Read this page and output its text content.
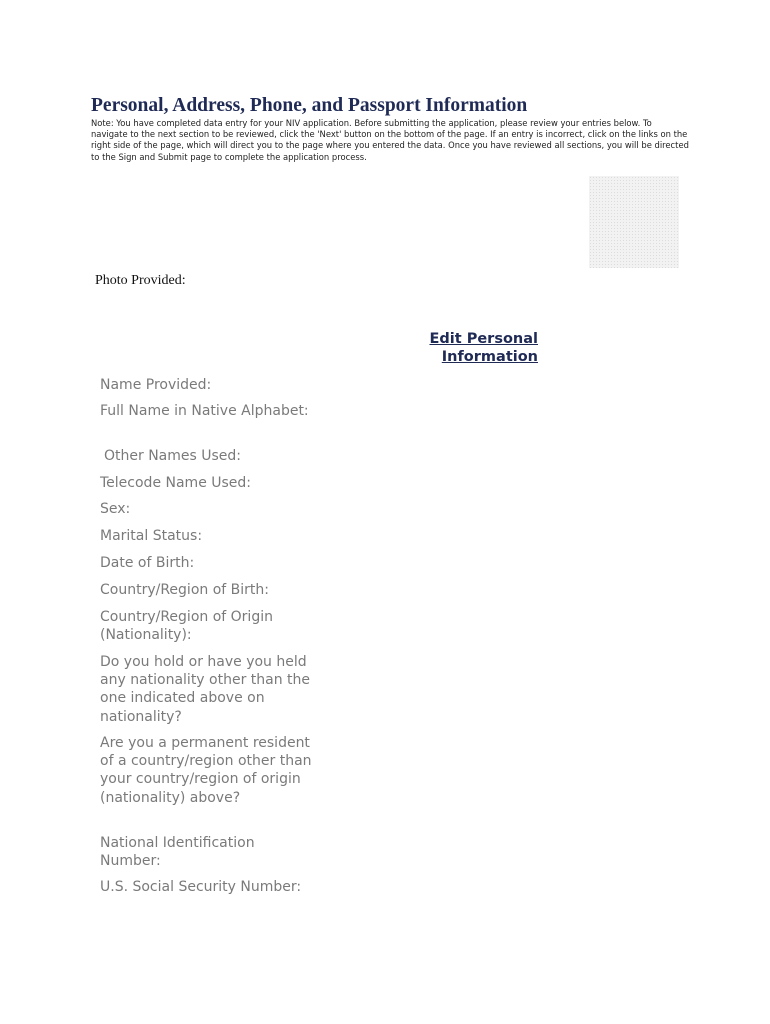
Personal, Address, Phone, and Passport Information

Note: You have completed data entry for your NIV application. Before submitting the application, please review your entries below. To navigate to the next section to be reviewed, click the 'Next' button on the bottom of the page. If an entry is incorrect, click on the links on the right side of the page, which will direct you to the page where you entered the data. Once you have reviewed all sections, you will be directed to the Sign and Submit page to complete the application process.

Photo Provided:
Edit Personal Information
Name Provided:
Full Name in Native Alphabet:
Other Names Used:
Telecode Name Used:
Sex:
Marital Status:
Date of Birth:
Country/Region of Birth:
Country/Region of Origin (Nationality):
Do you hold or have you held any nationality other than the one indicated above on nationality?
Are you a permanent resident of a country/region other than your country/region of origin (nationality) above?
National Identification Number:
U.S. Social Security Number:
